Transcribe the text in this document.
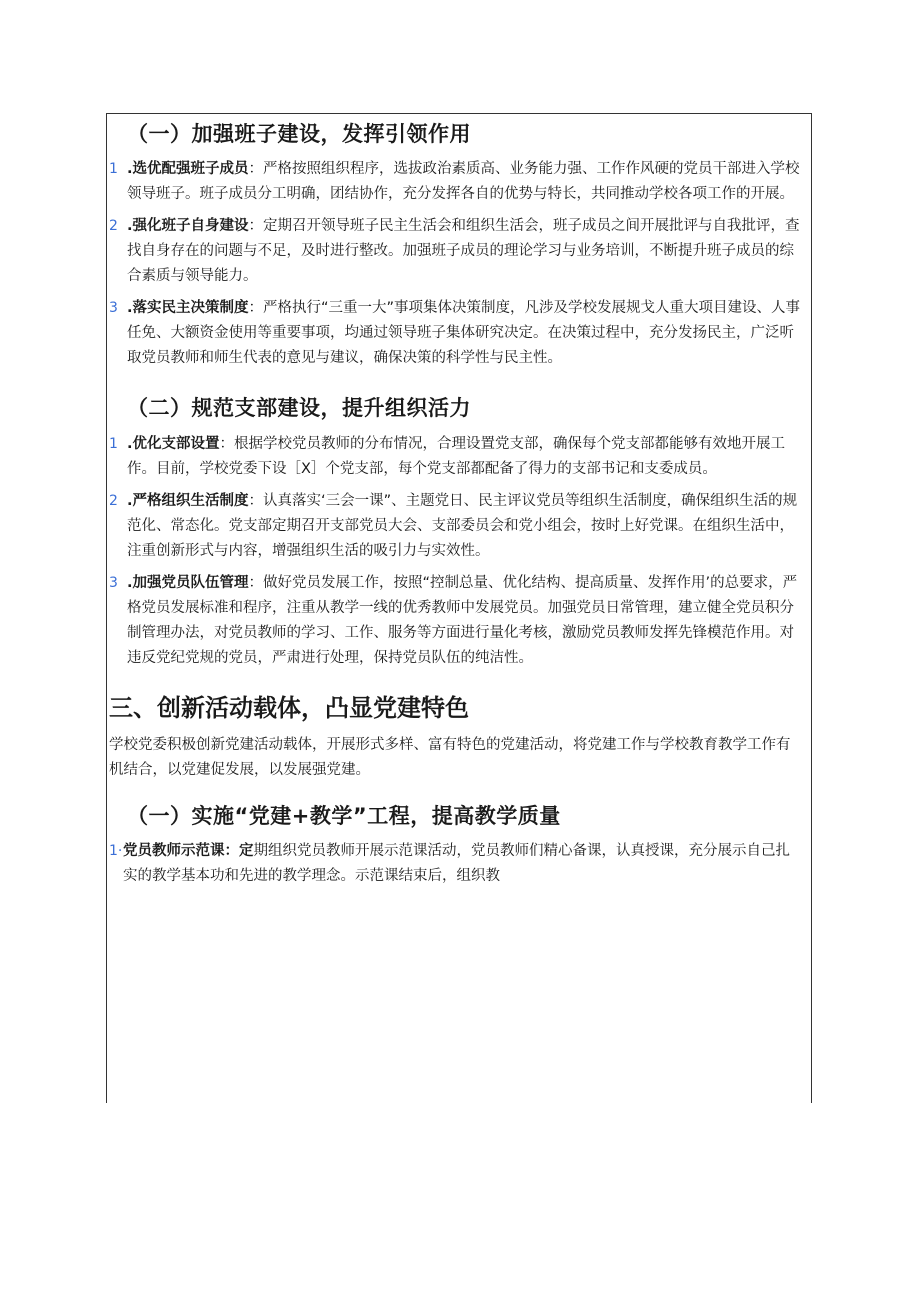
（一）加强班子建设，发挥引领作用

1 .选优配强班子成员：严格按照组织程序，选拔政治素质高、业务能力强、工作作风硬的党员干部进入学校领导班子。班子成员分工明确，团结协作，充分发挥各自的优势与特长，共同推动学校各项工作的开展。

2 .强化班子自身建设：定期召开领导班子民主生活会和组织生活会，班子成员之间开展批评与自我批评，查找自身存在的问题与不足，及时进行整改。加强班子成员的理论学习与业务培训，不断提升班子成员的综合素质与领导能力。

3 .落实民主决策制度：严格执行“三重一大”事项集体决策制度，凡涉及学校发展规戈人重大项目建设、人事任免、大额资金使用等重要事项，均通过领导班子集体研究决定。在决策过程中，充分发扬民主，广泛听取党员教师和师生代表的意见与建议，确保决策的科学性与民主性。

（二）规范支部建设，提升组织活力

1 .优化支部设置：根据学校党员教师的分布情况，合理设置党支部，确保每个党支部都能够有效地开展工作。目前，学校党委下设［X］个党支部，每个党支部都配备了得力的支部书记和支委成员。

2 .严格组织生活制度：认真落实‘三会一课”、主题党日、民主评议党员等组织生活制度，确保组织生活的规范化、常态化。党支部定期召开支部党员大会、支部委员会和党小组会，按时上好党课。在组织生活中，注重创新形式与内容，增强组织生活的吸引力与实效性。

3 .加强党员队伍管理：做好党员发展工作，按照“控制总量、优化结构、提高质量、发挥作用’的总要求，严格党员发展标准和程序，注重从教学一线的优秀教师中发展党员。加强党员日常管理，建立健全党员积分制管理办法，对党员教师的学习、工作、服务等方面进行量化考核，激励党员教师发挥先锋模范作用。对违反党纪党规的党员，严肃进行处理，保持党员队伍的纯洁性。

三、创新活动载体，凸显党建特色

学校党委积极创新党建活动载体，开展形式多样、富有特色的党建活动，将党建工作与学校教育教学工作有机结合，以党建促发展，以发展强党建。

（一）实施“党建+教学”工程，提高教学质量

1· 党员教师示范课：定期组织党员教师开展示范课活动，党员教师们精心备课，认真授课，充分展示自己扎实的教学基本功和先进的教学理念。示范课结束后，组织教
